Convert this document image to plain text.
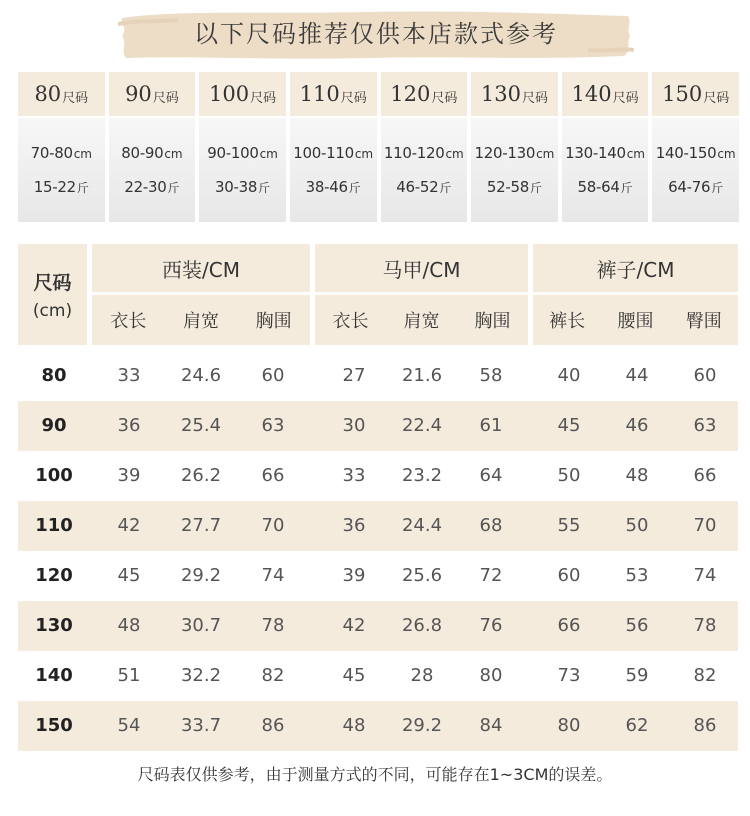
以下尺码推荐仅供本店款式参考
80 尺码
70-80 cm
15-22 斤
90 尺码
80-90 cm
22-30 斤
100 尺码
90-100 cm
30-38 斤
110 尺码
100-110 cm
38-46 斤
120 尺码
110-120 cm
46-52 斤
130 尺码
120-130 cm
52-58 斤
140 尺码
130-140 cm
58-64 斤
150 尺码
140-150 cm
64-76 斤
尺码
(cm)
西装/CM	马甲/CM	裤子/CM
衣长	肩宽	胸围	衣长	肩宽	胸围	裤长	腰围	臀围
80	33	24.6	60	27	21.6	58	40	44	60
90	36	25.4	63	30	22.4	61	45	46	63
100	39	26.2	66	33	23.2	64	50	48	66
110	42	27.7	70	36	24.4	68	55	50	70
120	45	29.2	74	39	25.6	72	60	53	74
130	48	30.7	78	42	26.8	76	66	56	78
140	51	32.2	82	45	28	80	73	59	82
150	54	33.7	86	48	29.2	84	80	62	86
尺码表仅供参考，由于测量方式的不同，可能存在1~3CM的误差。
